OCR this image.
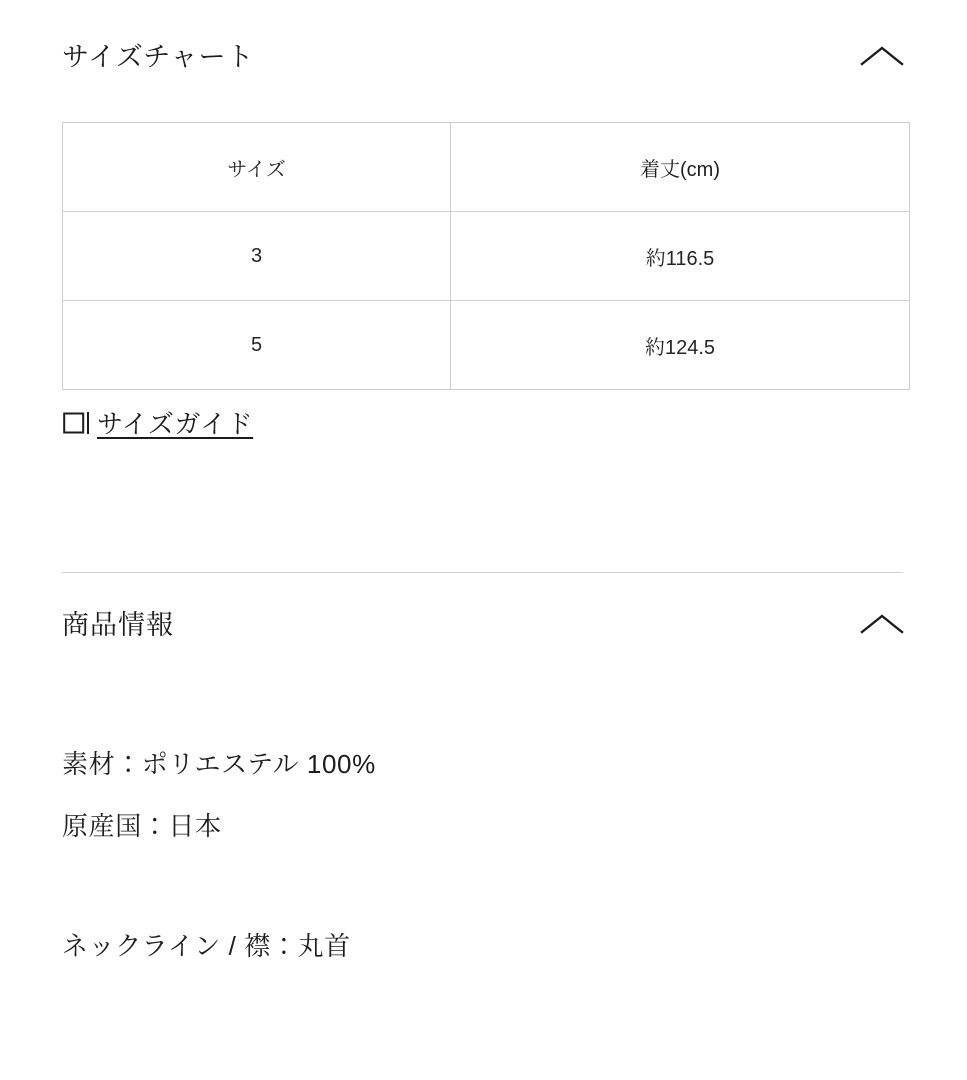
サイズチャート
サイズ	着丈(cm)
3	約116.5
5	約124.5
サイズガイド
商品情報
素材：ポリエステル 100%
原産国：日本
ネックライン / 襟：丸首
